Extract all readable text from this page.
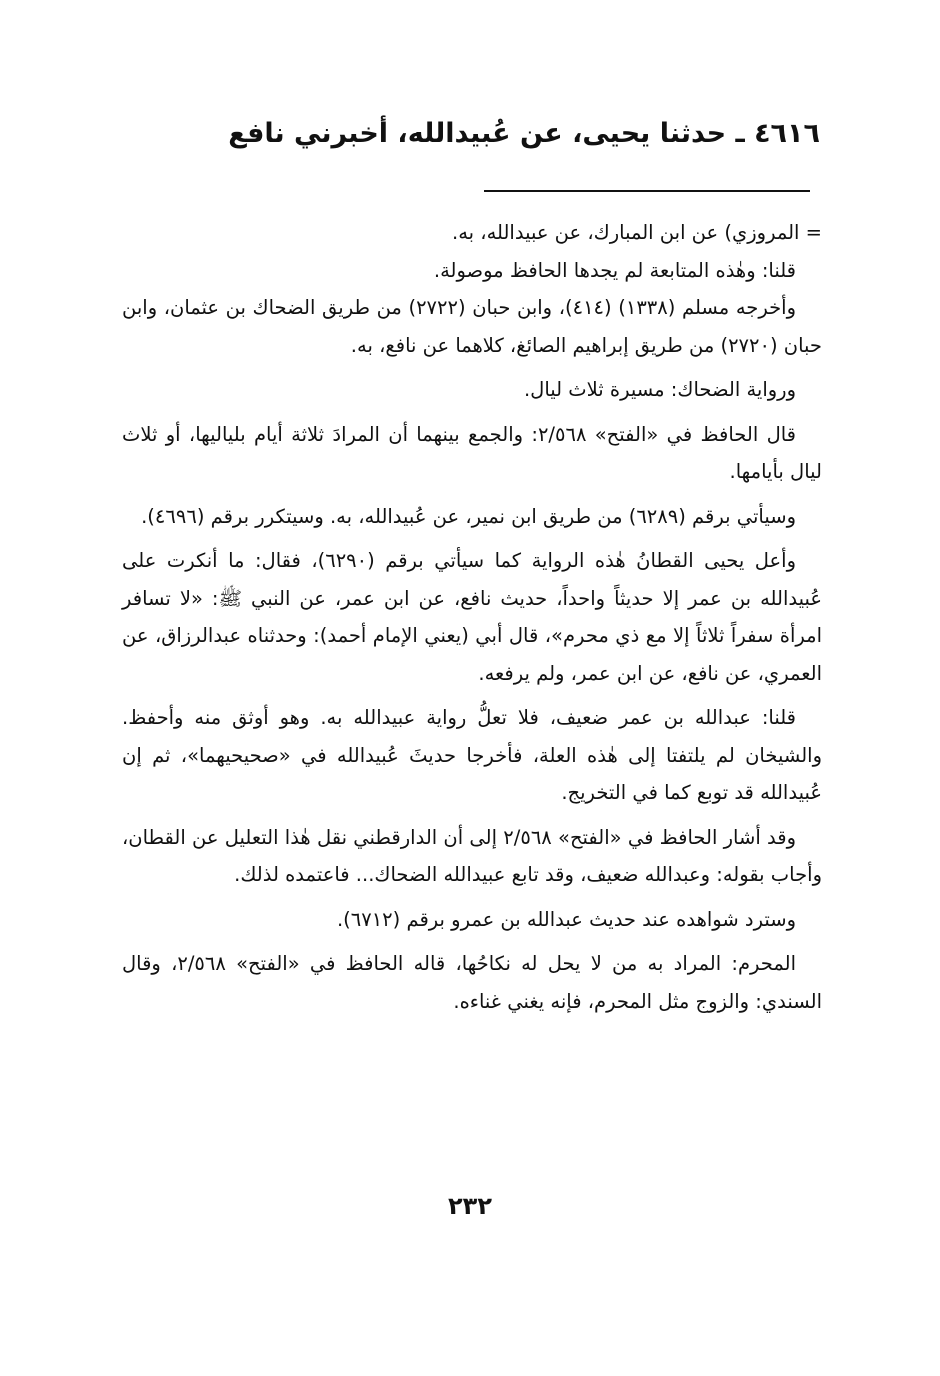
٤٦١٦ ـ حدثنا يحيى، عن عُبيدالله، أخبرني نافع

= المروزي) عن ابن المبارك، عن عبيدالله، به.

قلنا: وهٰذه المتابعة لم يجدها الحافظ موصولة.

وأخرجه مسلم (١٣٣٨) (٤١٤)، وابن حبان (٢٧٢٢) من طريق الضحاك بن عثمان، وابن حبان (٢٧٢٠) من طريق إبراهيم الصائغ، كلاهما عن نافع، به.

ورواية الضحاك: مسيرة ثلاث ليال.

قال الحافظ في «الفتح» ٢/٥٦٨: والجمع بينهما أن المرادَ ثلاثة أيام بلياليها، أو ثلاث ليال بأيامها.

وسيأتي برقم (٦٢٨٩) من طريق ابن نمير، عن عُبيدالله، به. وسيتكرر برقم (٤٦٩٦).

وأعل يحيى القطانُ هٰذه الرواية كما سيأتي برقم (٦٢٩٠)، فقال: ما أنكرت على عُبيدالله بن عمر إلا حديثاً واحداً، حديث نافع، عن ابن عمر، عن النبي ﷺ: «لا تسافر امرأة سفراً ثلاثاً إلا مع ذي محرم»، قال أبي (يعني الإمام أحمد): وحدثناه عبدالرزاق، عن العمري، عن نافع، عن ابن عمر، ولم يرفعه.

قلنا: عبدالله بن عمر ضعيف، فلا تعلُّ رواية عبيدالله به. وهو أوثق منه وأحفظ. والشيخان لم يلتفتا إلى هٰذه العلة، فأخرجا حديثَ عُبيدالله في «صحيحيهما»، ثم إن عُبيدالله قد توبع كما في التخريج.

وقد أشار الحافظ في «الفتح» ٢/٥٦٨ إلى أن الدارقطني نقل هٰذا التعليل عن القطان، وأجاب بقوله: وعبدالله ضعيف، وقد تابع عبيدالله الضحاك... فاعتمده لذلك.

وسترد شواهده عند حديث عبدالله بن عمرو برقم (٦٧١٢).

المحرم: المراد به من لا يحل له نكاحُها، قاله الحافظ في «الفتح» ٢/٥٦٨، وقال السندي: والزوج مثل المحرم، فإنه يغني غناءه.

٢٣٢
